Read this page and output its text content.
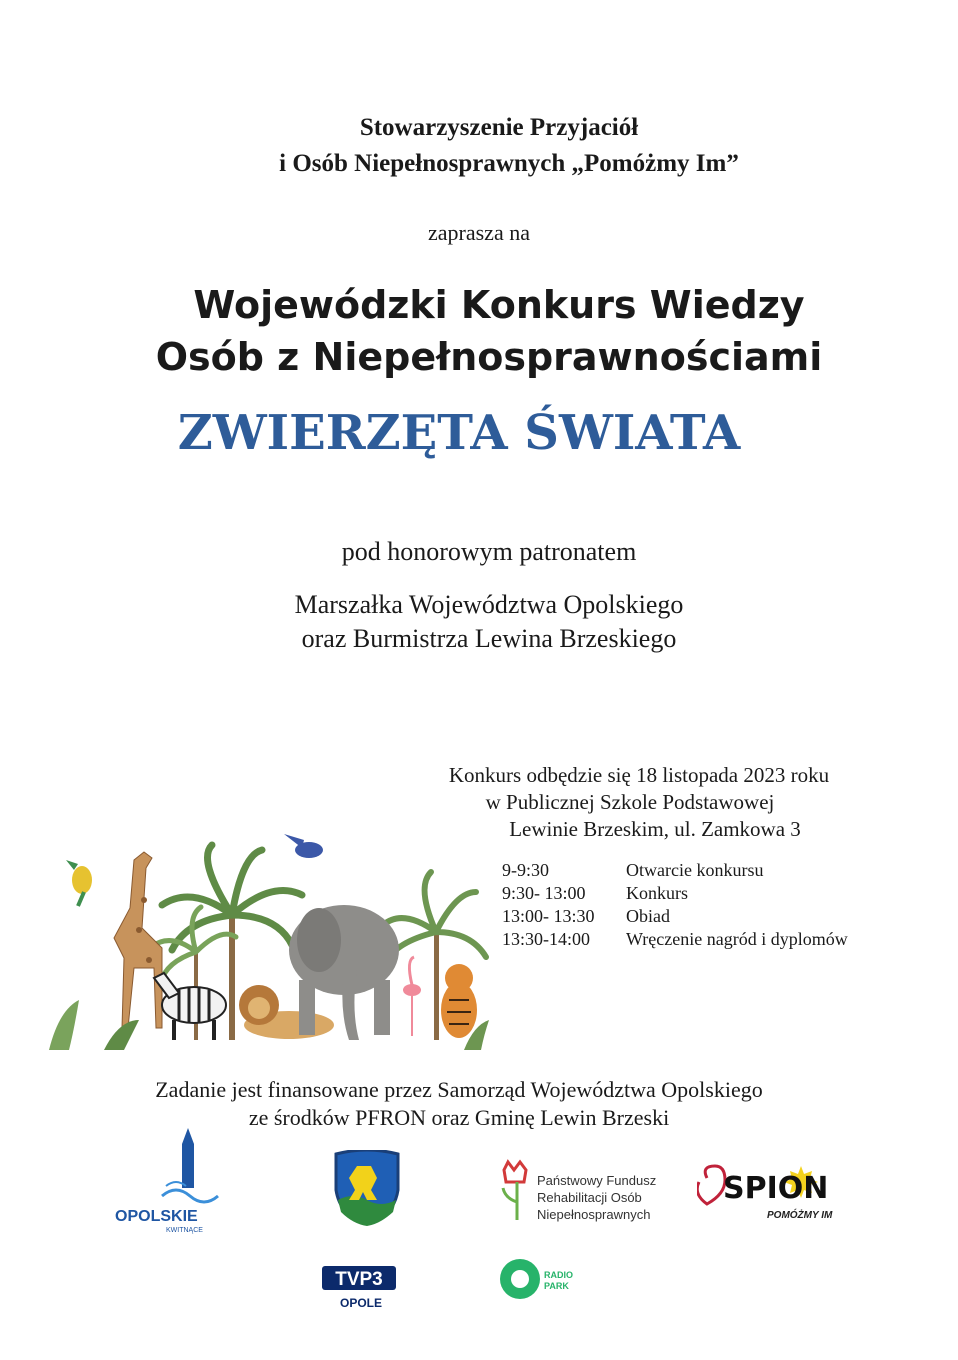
Stowarzyszenie Przyjaciół
i Osób Niepełnosprawnych „Pomóżmy Im”
zaprasza na
Wojewódzki Konkurs Wiedzy
Osób z Niepełnosprawnościami
ZWIERZĘTA ŚWIATA
pod honorowym patronatem
Marszałka Województwa Opolskiego
oraz Burmistrza Lewina Brzeskiego
Konkurs odbędzie się 18 listopada 2023 roku
w Publicznej Szkole Podstawowej
Lewinie Brzeskim, ul. Zamkowa 3
9-9:30	Otwarcie konkursu
9:30- 13:00	Konkurs
13:00- 13:30	Obiad
13:30-14:00	Wręczenie nagród i dyplomów
Zadanie jest finansowane przez Samorząd Województwa Opolskiego
ze środków PFRON oraz Gminę Lewin Brzeski
OPOLSKIE
KWITNĄCE
Państwowy Fundusz
Rehabilitacji Osób
Niepełnosprawnych
SPION
POMÓŻMY IM
TVP3
OPOLE
RADIO PARK
